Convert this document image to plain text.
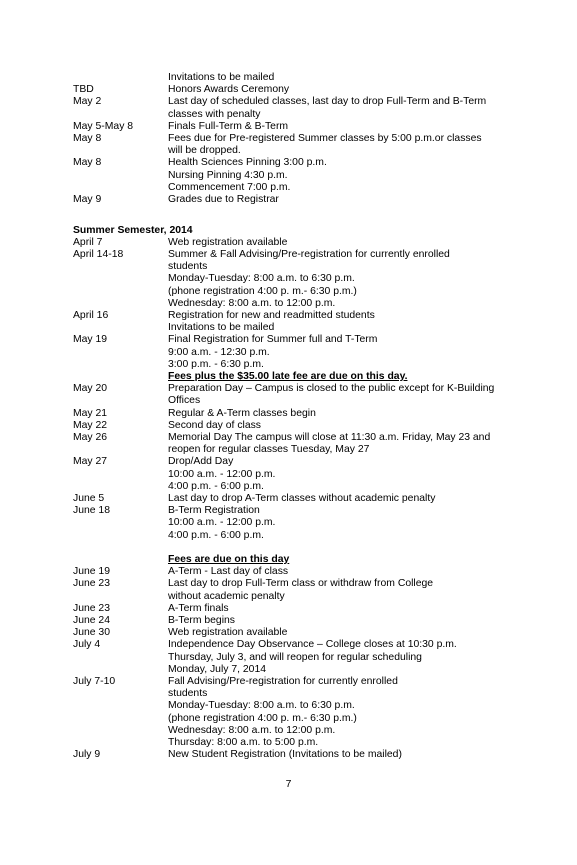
Invitations to be mailed
TBD	Honors Awards Ceremony
May 2	Last day of scheduled classes, last day to drop Full-Term and B-Term
classes with penalty
May 5-May 8	Finals Full-Term & B-Term
May 8	Fees due for Pre-registered Summer classes by 5:00 p.m.or classes
will be dropped.
May 8	Health Sciences Pinning 3:00 p.m.
Nursing Pinning 4:30 p.m.
Commencement 7:00 p.m.
May 9	Grades due to Registrar
Summer Semester, 2014
April 7	Web registration available
April 14-18	Summer & Fall Advising/Pre-registration for currently enrolled
students
Monday-Tuesday: 8:00 a.m. to 6:30 p.m.
(phone registration 4:00 p. m.- 6:30 p.m.)
Wednesday: 8:00 a.m. to 12:00 p.m.
April 16	Registration for new and readmitted students
Invitations to be mailed
May 19	Final Registration for Summer full and T-Term
9:00 a.m. - 12:30 p.m.
3:00 p.m. - 6:30 p.m.
Fees plus the $35.00 late fee are due on this day.
May 20	Preparation Day – Campus is closed to the public except for K-Building
Offices
May 21	Regular & A-Term classes begin
May 22	Second day of class
May 26	Memorial Day The campus will close at 11:30 a.m. Friday, May 23 and
reopen for regular classes Tuesday, May 27
May 27	Drop/Add Day
10:00 a.m. - 12:00 p.m.
4:00 p.m. - 6:00 p.m.
June 5	Last day to drop A-Term classes without academic penalty
June 18	B-Term Registration
10:00 a.m. - 12:00 p.m.
4:00 p.m. - 6:00 p.m.
Fees are due on this day
June 19	A-Term - Last day of class
June 23	Last day to drop Full-Term class or withdraw from College
without academic penalty
June 23	A-Term finals
June 24	B-Term begins
June 30	Web registration available
July 4	Independence Day Observance – College closes at 10:30 p.m.
Thursday, July 3, and will reopen for regular scheduling
Monday, July 7, 2014
July 7-10	Fall Advising/Pre-registration for currently enrolled
students
Monday-Tuesday: 8:00 a.m. to 6:30 p.m.
(phone registration 4:00 p. m.- 6:30 p.m.)
Wednesday: 8:00 a.m. to 12:00 p.m.
Thursday: 8:00 a.m. to 5:00 p.m.
July 9	New Student Registration (Invitations to be mailed)
7
